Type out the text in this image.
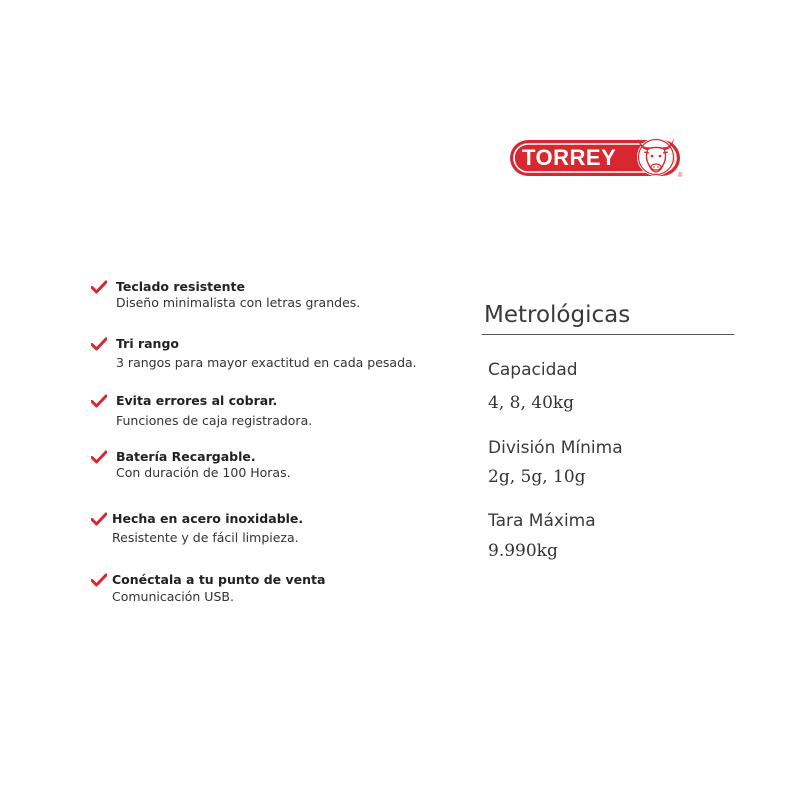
TORREY
®
Teclado resistente
Diseño minimalista con letras grandes.
Tri rango
3 rangos para mayor exactitud en cada pesada.
Evita errores al cobrar.
Funciones de caja registradora.
Batería Recargable.
Con duración de 100 Horas.
Hecha en acero inoxidable.
Resistente y de fácil limpieza.
Conéctala a tu punto de venta
Comunicación USB.
Metrológicas
Capacidad
4, 8, 40kg
División Mínima
2g, 5g, 10g
Tara Máxima
9.990kg
